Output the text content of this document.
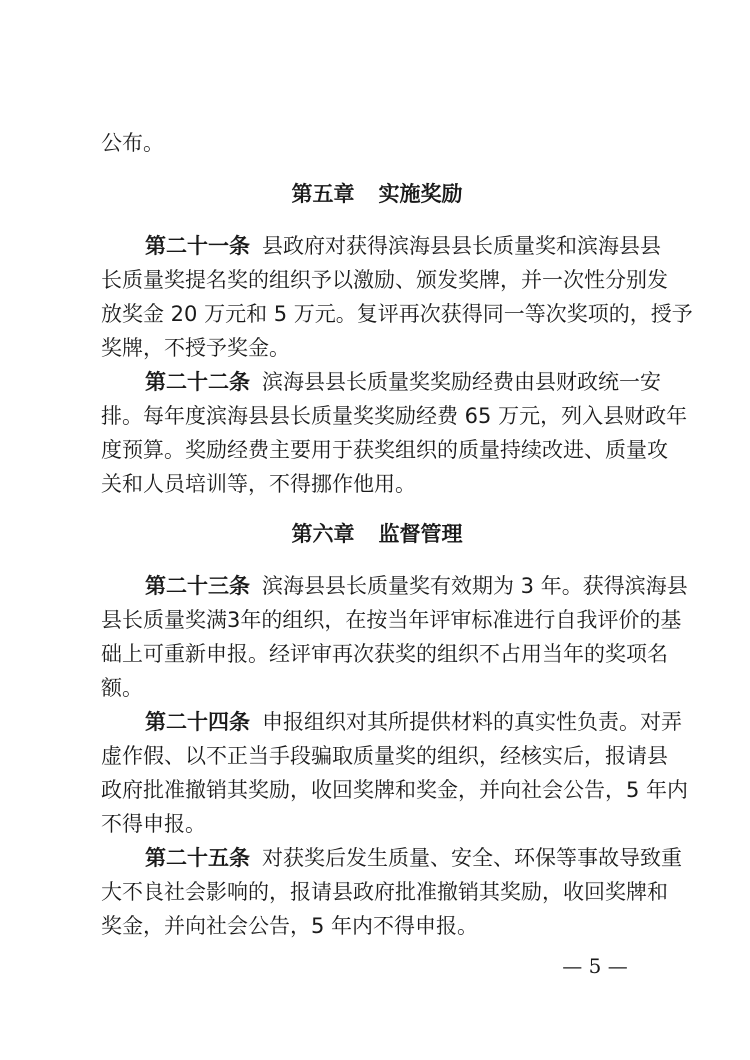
公布。
第五章 实施奖励
第二十一条 县政府对获得滨海县县长质量奖和滨海县县
长质量奖提名奖的组织予以激励、颁发奖牌，并一次性分别发
放奖金 20 万元和 5 万元。复评再次获得同一等次奖项的，授予
奖牌，不授予奖金。
第二十二条 滨海县县长质量奖奖励经费由县财政统一安
排。每年度滨海县县长质量奖奖励经费 65 万元，列入县财政年
度预算。奖励经费主要用于获奖组织的质量持续改进、质量攻
关和人员培训等，不得挪作他用。
第六章 监督管理
第二十三条 滨海县县长质量奖有效期为 3 年。获得滨海县
县长质量奖满3年的组织，在按当年评审标准进行自我评价的基
础上可重新申报。经评审再次获奖的组织不占用当年的奖项名
额。
第二十四条 申报组织对其所提供材料的真实性负责。对弄
虚作假、以不正当手段骗取质量奖的组织，经核实后，报请县
政府批准撤销其奖励，收回奖牌和奖金，并向社会公告，5 年内
不得申报。
第二十五条 对获奖后发生质量、安全、环保等事故导致重
大不良社会影响的，报请县政府批准撤销其奖励，收回奖牌和
奖金，并向社会公告，5 年内不得申报。
— 5 —
